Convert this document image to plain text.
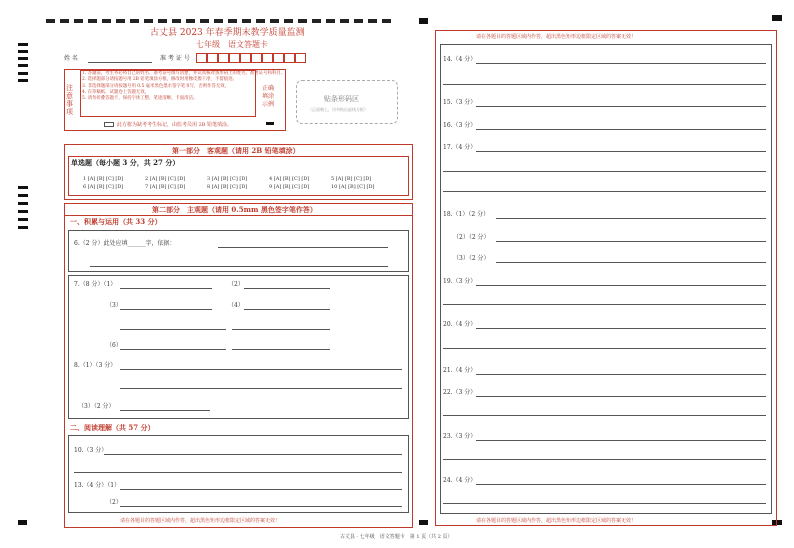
古丈县 2023 年春季期末教学质量监测
七年级　语文答题卡
姓 名	准 考 证 号
注意事项
1. 答题前，考生务必将自己的姓名、准考证号填写清楚，并认真核对条形码上的姓名、准考证号和科目。
2. 选择题部分请按题号用 2B 铅笔填涂方框，修改时用橡皮擦干净，不留痕迹。
3. 非选择题部分请按题号用 0.5 毫米黑色墨水签字笔书写，否则作答无效。
4. 在草稿纸、试题卷上答题无效。
5. 请勿折叠答题卡，保持字体工整、笔迹清晰、卡面清洁。
正确填涂示例
此方框为缺考考生标记，由监考员用 2B 铅笔填涂。
贴条形码区
（正面朝上，切勿贴出虚线方框）
第一部分　客观题（请用 2B 铅笔填涂）
单选题（每小题 3 分，共 27 分）
1 [A] [B] [C] [D]	2 [A] [B] [C] [D]	3 [A] [B] [C] [D]	4 [A] [B] [C] [D]	5 [A] [B] [C] [D]
6 [A] [B] [C] [D]	7 [A] [B] [C] [D]	8 [A] [B] [C] [D]	9 [A] [B] [C] [D]	10 [A] [B] [C] [D]
第二部分　主观题（请用 0.5mm 黑色签字笔作答）
一、积累与运用（共 33 分）
6.（2 分）此处应填______字，依据：
7.（8 分）（1）	（2）
（3）	（4）
（6）
8.（1）（3 分）
（3）（2 分）
二、阅读理解（共 57 分）
10.（3 分）
13.（4 分）（1）
（2）
请在各题目的答题区域内作答，超出黑色矩形边框限定区域的答案无效！
古丈县 · 七年级　语文答题卡　第 1 页（共 2 页）
请在各题目的答题区域内作答，超出黑色矩形边框限定区域的答案无效！
请在各题目的答题区域内作答，超出黑色矩形边框限定区域的答案无效！
14.（4 分）
15.（3 分）
16.（3 分）
17.（4 分）
18.（1）（2 分）
（2）（2 分）
（3）（2 分）
19.（3 分）
20.（4 分）
21.（4 分）
22.（3 分）
23.（3 分）
24.（4 分）
